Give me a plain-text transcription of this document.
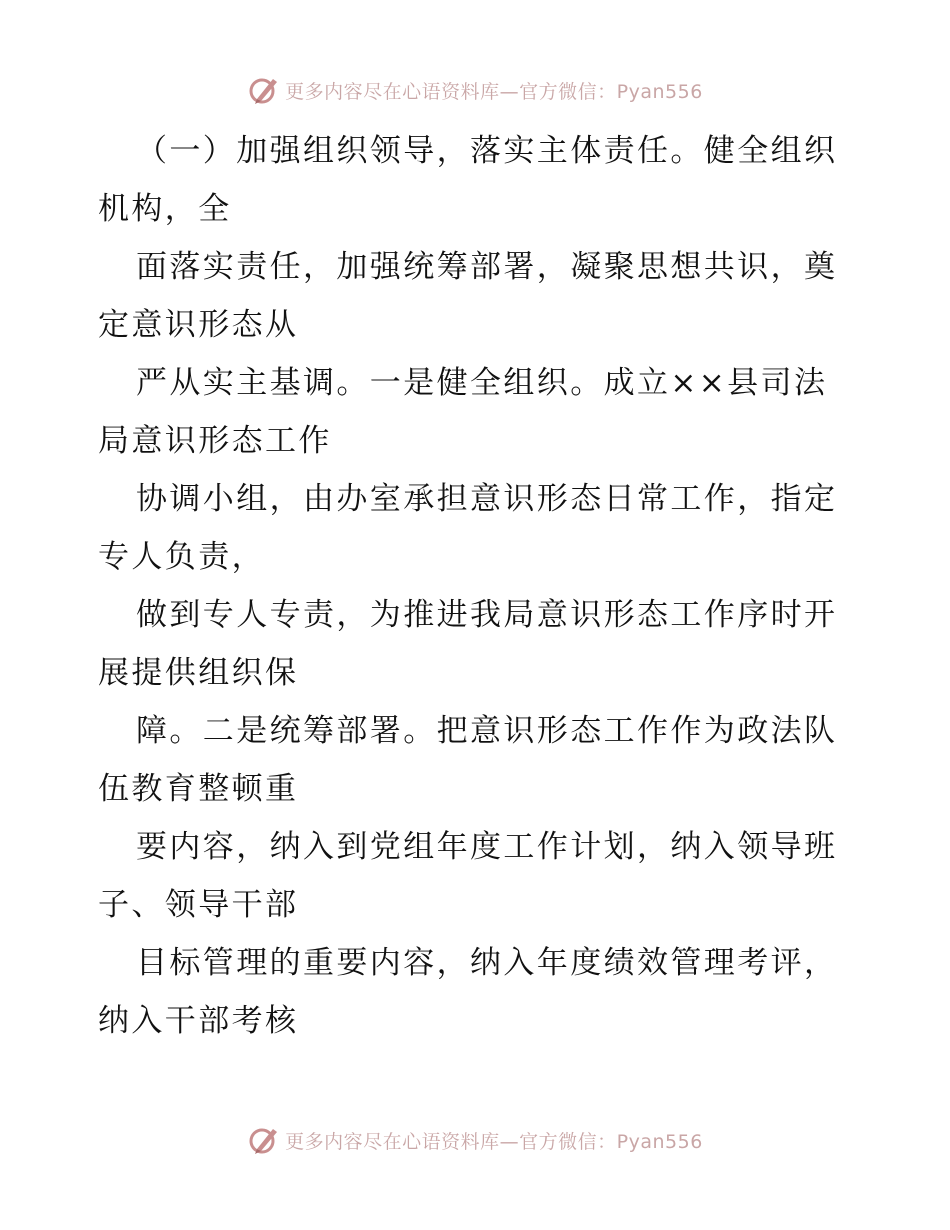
更多内容尽在心语资料库—官方微信：Pyan556

（一）加强组织领导，落实主体责任。健全组织
机构，全

面落实责任，加强统筹部署，凝聚思想共识，奠
定意识形态从

严从实主基调。一是健全组织。成立××县司法
局意识形态工作

协调小组，由办室承担意识形态日常工作，指定
专人负责，

做到专人专责，为推进我局意识形态工作序时开
展提供组织保

障。二是统筹部署。把意识形态工作作为政法队
伍教育整顿重

要内容，纳入到党组年度工作计划，纳入领导班
子、领导干部

目标管理的重要内容，纳入年度绩效管理考评，
纳入干部考核

更多内容尽在心语资料库—官方微信：Pyan556
